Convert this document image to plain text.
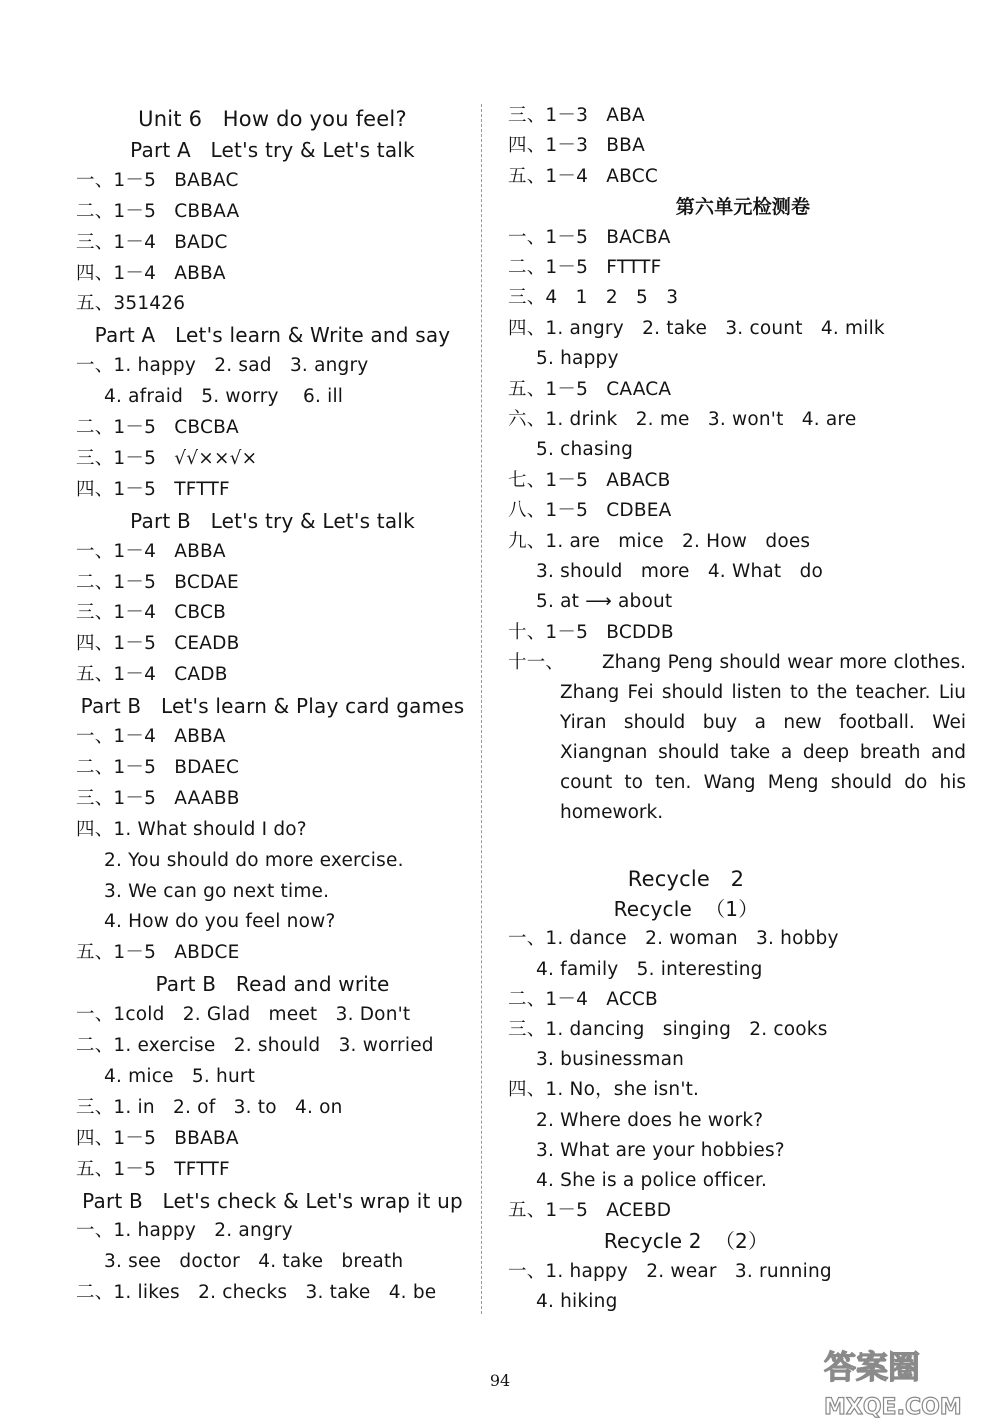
Unit 6   How do you feel?
Part A   Let's try & Let's talk
一、1－5   BABAC
二、1－5   CBBAA
三、1－4   BADC
四、1－4   ABBA
五、351426
Part A   Let's learn & Write and say
一、1. happy   2. sad   3. angry
4. afraid   5. worry    6. ill
二、1－5   CBCBA
三、1－5   √√××√×
四、1－5   TFTTF
Part B   Let's try & Let's talk
一、1－4   ABBA
二、1－5   BCDAE
三、1－4   CBCB
四、1－5   CEADB
五、1－4   CADB
Part B   Let's learn & Play card games
一、1－4   ABBA
二、1－5   BDAEC
三、1－5   AAABB
四、1. What should I do?
2. You should do more exercise.
3. We can go next time.
4. How do you feel now?
五、1－5   ABDCE
Part B   Read and write
一、1cold   2. Glad   meet   3. Don't
二、1. exercise   2. should   3. worried
4. mice   5. hurt
三、1. in   2. of   3. to   4. on
四、1－5   BBABA
五、1－5   TFTTF
Part B   Let's check & Let's wrap it up
一、1. happy   2. angry
3. see   doctor   4. take   breath
二、1. likes   2. checks   3. take   4. be
三、1－3   ABA
四、1－3   BBA
五、1－4   ABCC
第六单元检测卷
一、1－5   BACBA
二、1－5   FTTTF
三、4   1   2   5   3
四、1. angry   2. take   3. count   4. milk
5. happy
五、1－5   CAACA
六、1. drink   2. me   3. won't   4. are
5. chasing
七、1－5   ABACB
八、1－5   CDBEA
九、1. are   mice   2. How   does
3. should   more   4. What   do
5. at ⟶ about
十、1－5   BCDDB
十一、	Zhang Peng should wear more clothes. Zhang Fei should listen to the teacher. Liu Yiran should buy a new football. Wei Xiangnan should take a deep breath and count to ten. Wang Meng should do his homework.
Recycle   2
Recycle  （1）
一、1. dance   2. woman   3. hobby
4. family   5. interesting
二、1－4   ACCB
三、1. dancing   singing   2. cooks
3. businessman
四、1. No，she isn't.
2. Where does he work?
3. What are your hobbies?
4. She is a police officer.
五、1－5   ACEBD
Recycle 2  （2）
一、1. happy   2. wear   3. running
4. hiking
94	答案圈
MXQE.COM
